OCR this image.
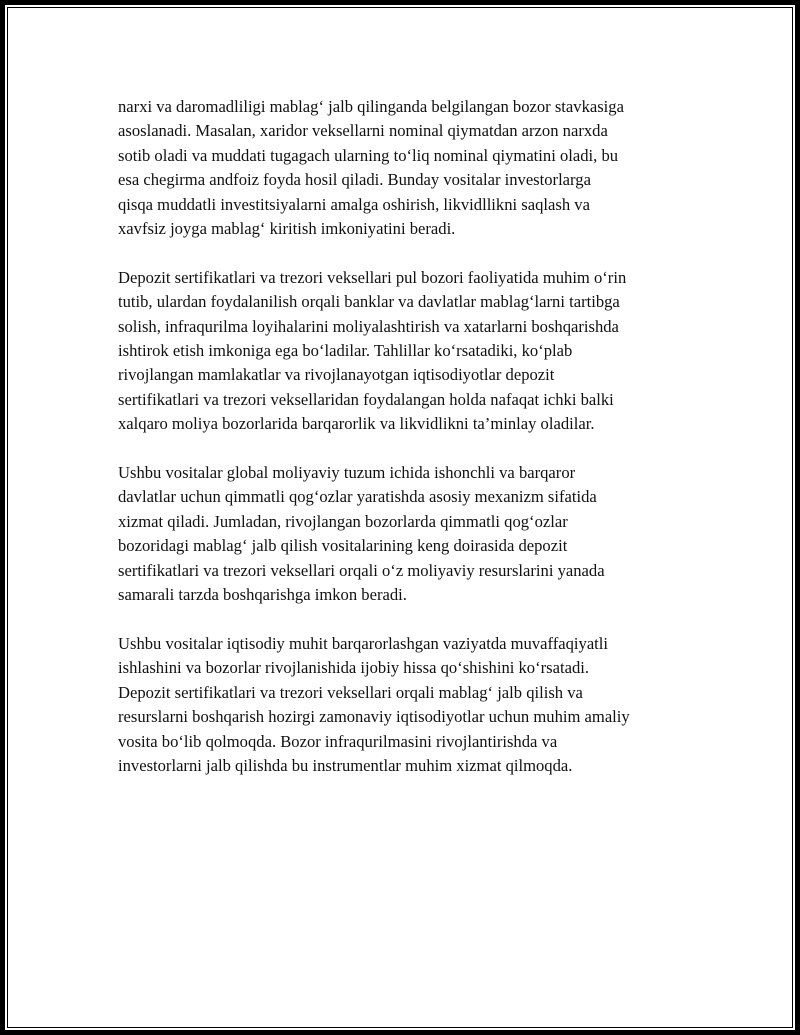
narxi va daromadliligi mablag‘ jalb qilinganda belgilangan bozor stavkasiga
asoslanadi. Masalan, xaridor veksellarni nominal qiymatdan arzon narxda
sotib oladi va muddati tugagach ularning to‘liq nominal qiymatini oladi, bu
esa chegirma andfoiz foyda hosil qiladi. Bunday vositalar investorlarga
qisqa muddatli investitsiyalarni amalga oshirish, likvidllikni saqlash va
xavfsiz joyga mablag‘ kiritish imkoniyatini beradi.

Depozit sertifikatlari va trezori veksellari pul bozori faoliyatida muhim o‘rin
tutib, ulardan foydalanilish orqali banklar va davlatlar mablag‘larni tartibga
solish, infraqurilma loyihalarini moliyalashtirish va xatarlarni boshqarishda
ishtirok etish imkoniga ega bo‘ladilar. Tahlillar ko‘rsatadiki, ko‘plab
rivojlangan mamlakatlar va rivojlanayotgan iqtisodiyotlar depozit
sertifikatlari va trezori veksellaridan foydalangan holda nafaqat ichki balki
xalqaro moliya bozorlarida barqarorlik va likvidlikni ta’minlay oladilar.

Ushbu vositalar global moliyaviy tuzum ichida ishonchli va barqaror
davlatlar uchun qimmatli qog‘ozlar yaratishda asosiy mexanizm sifatida
xizmat qiladi. Jumladan, rivojlangan bozorlarda qimmatli qog‘ozlar
bozoridagi mablag‘ jalb qilish vositalarining keng doirasida depozit
sertifikatlari va trezori veksellari orqali o‘z moliyaviy resurslarini yanada
samarali tarzda boshqarishga imkon beradi.

Ushbu vositalar iqtisodiy muhit barqarorlashgan vaziyatda muvaffaqiyatli
ishlashini va bozorlar rivojlanishida ijobiy hissa qo‘shishini ko‘rsatadi.
Depozit sertifikatlari va trezori veksellari orqali mablag‘ jalb qilish va
resurslarni boshqarish hozirgi zamonaviy iqtisodiyotlar uchun muhim amaliy
vosita bo‘lib qolmoqda. Bozor infraqurilmasini rivojlantirishda va
investorlarni jalb qilishda bu instrumentlar muhim xizmat qilmoqda.
